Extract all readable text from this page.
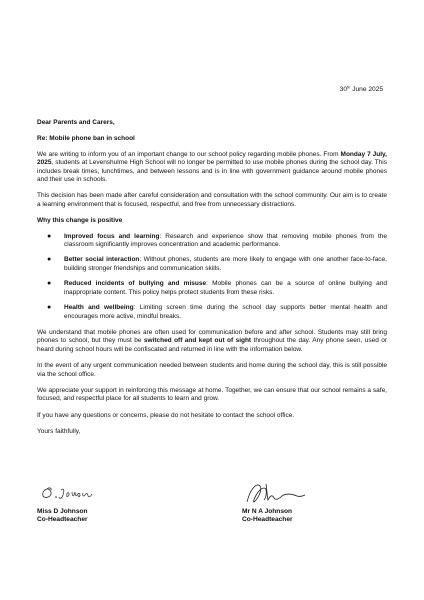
30th June 2025

Dear Parents and Carers,

Re: Mobile phone ban in school

We are writing to inform you of an important change to our school policy regarding mobile phones. From Monday 7 July, 2025, students at Levenshulme High School will no longer be permitted to use mobile phones during the school day. This includes break times, lunchtimes, and between lessons and is in line with government guidance around mobile phones and their use in schools.

This decision has been made after careful consideration and consultation with the school community. Our aim is to create a learning environment that is focused, respectful, and free from unnecessary distractions.

Why this change is positive

● Improved focus and learning: Research and experience show that removing mobile phones from the classroom significantly improves concentration and academic performance.
● Better social interaction: Without phones, students are more likely to engage with one another face-to-face, building stronger friendships and communication skills.
● Reduced incidents of bullying and misuse: Mobile phones can be a source of online bullying and inappropriate content. This policy helps protect students from these risks.
● Health and wellbeing: Limiting screen time during the school day supports better mental health and encourages more active, mindful breaks.

We understand that mobile phones are often used for communication before and after school. Students may still bring phones to school, but they must be switched off and kept out of sight throughout the day. Any phone seen, used or heard during school hours will be confiscated and returned in line with the information below.

In the event of any urgent communication needed between students and home during the school day, this is still possible via the school office.

We appreciate your support in reinforcing this message at home. Together, we can ensure that our school remains a safe, focused, and respectful place for all students to learn and grow.

If you have any questions or concerns, please do not hesitate to contact the school office.

Yours faithfully,

Miss D Johnson
Co-Headteacher
Mr N A Johnson
Co-Headteacher
